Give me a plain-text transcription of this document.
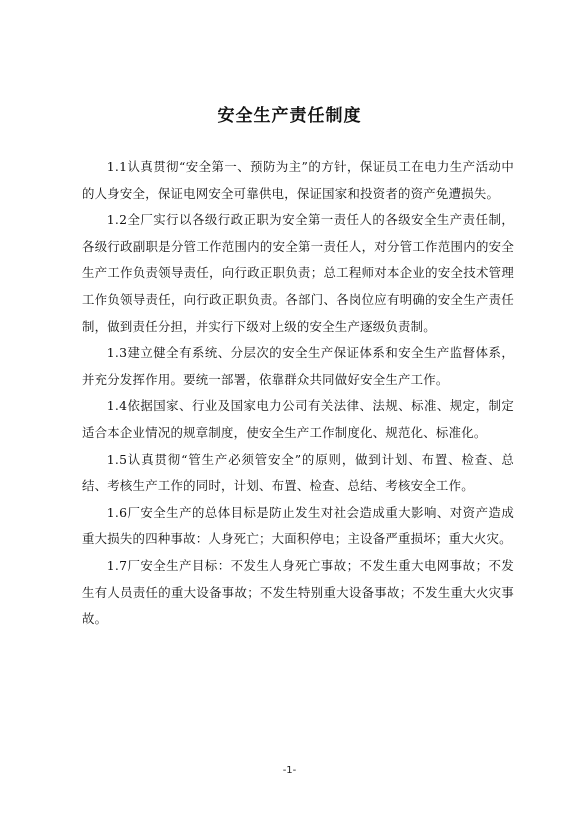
安全生产责任制度

1.1认真贯彻“安全第一、预防为主”的方针，保证员工在电力生产活动中的人身安全，保证电网安全可靠供电，保证国家和投资者的资产免遭损失。

1.2全厂实行以各级行政正职为安全第一责任人的各级安全生产责任制，各级行政副职是分管工作范围内的安全第一责任人，对分管工作范围内的安全生产工作负责领导责任，向行政正职负责；总工程师对本企业的安全技术管理工作负领导责任，向行政正职负责。各部门、各岗位应有明确的安全生产责任制，做到责任分担，并实行下级对上级的安全生产逐级负责制。

1.3建立健全有系统、分层次的安全生产保证体系和安全生产监督体系，并充分发挥作用。要统一部署，依靠群众共同做好安全生产工作。

1.4依据国家、行业及国家电力公司有关法律、法规、标准、规定，制定适合本企业情况的规章制度，使安全生产工作制度化、规范化、标准化。

1.5认真贯彻“管生产必须管安全”的原则，做到计划、布置、检查、总结、考核生产工作的同时，计划、布置、检查、总结、考核安全工作。

1.6厂安全生产的总体目标是防止发生对社会造成重大影响、对资产造成重大损失的四种事故：人身死亡；大面积停电；主设备严重损坏；重大火灾。

1.7厂安全生产目标：不发生人身死亡事故；不发生重大电网事故；不发生有人员责任的重大设备事故；不发生特别重大设备事故；不发生重大火灾事故。

-1-
